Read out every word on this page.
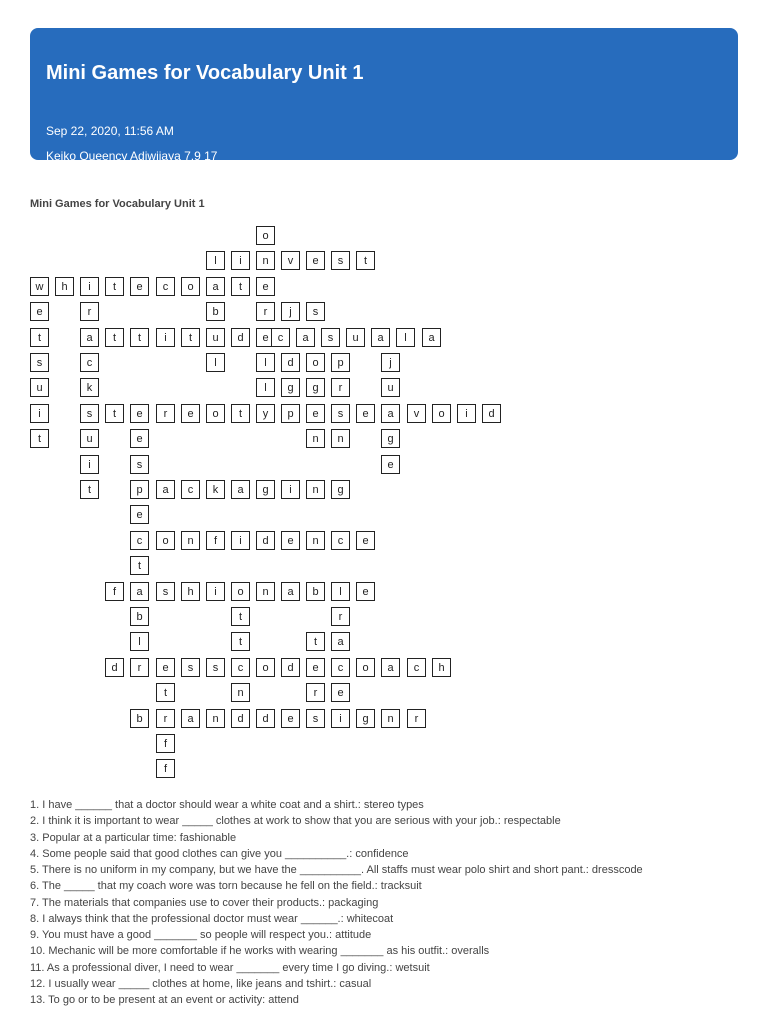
Mini Games for Vocabulary Unit 1
Sep 22, 2020, 11:56 AM
Keiko Queency Adiwijaya 7.9 17
Mini Games for Vocabulary Unit 1
o
l	i	n	v	e	s	t
w	h	i	t	e	c	o	a	t	e
e	r	b	r	j	s
t	a	t	t	i	t	u	d	e c	a	s	u	a	l	a
s	c	l	l	d	o	p	j
u	k	l	g	g	r	u
i	s	t	e	r	e	o	t	y	p	e	s	e	a	v	o	i	d
t	u	e	n	n	g
i	s	e
t	p	a	c	k	a	g	i	n	g
e
c	o	n	f	i	d	e	n	c	e
t
f	a	s	h	i	o	n	a	b	l	e
b	t	r
l	t	t	a
d	r	e	s	s	c	o	d	e	c	o	a	c	h
t	n	r	e
b	r	a	n	d	d	e	s	i	g	n	r
f
f
1. I have ______ that a doctor should wear a white coat and a shirt.: stereo types
2. I think it is important to wear _____ clothes at work to show that you are serious with your job.: respectable
3. Popular at a particular time: fashionable
4. Some people said that good clothes can give you __________.: confidence
5. There is no uniform in my company, but we have the __________. All staffs must wear polo shirt and short pant.: dresscode
6. The _____ that my coach wore was torn because he fell on the field.: tracksuit
7. The materials that companies use to cover their products.: packaging
8. I always think that the professional doctor must wear ______.: whitecoat
9. You must have a good _______ so people will respect you.: attitude
10. Mechanic will be more comfortable if he works with wearing _______ as his outfit.: overalls
11. As a professional diver, I need to wear _______ every time I go diving.: wetsuit
12. I usually wear _____ clothes at home, like jeans and tshirt.: casual
13. To go or to be present at an event or activity: attend
